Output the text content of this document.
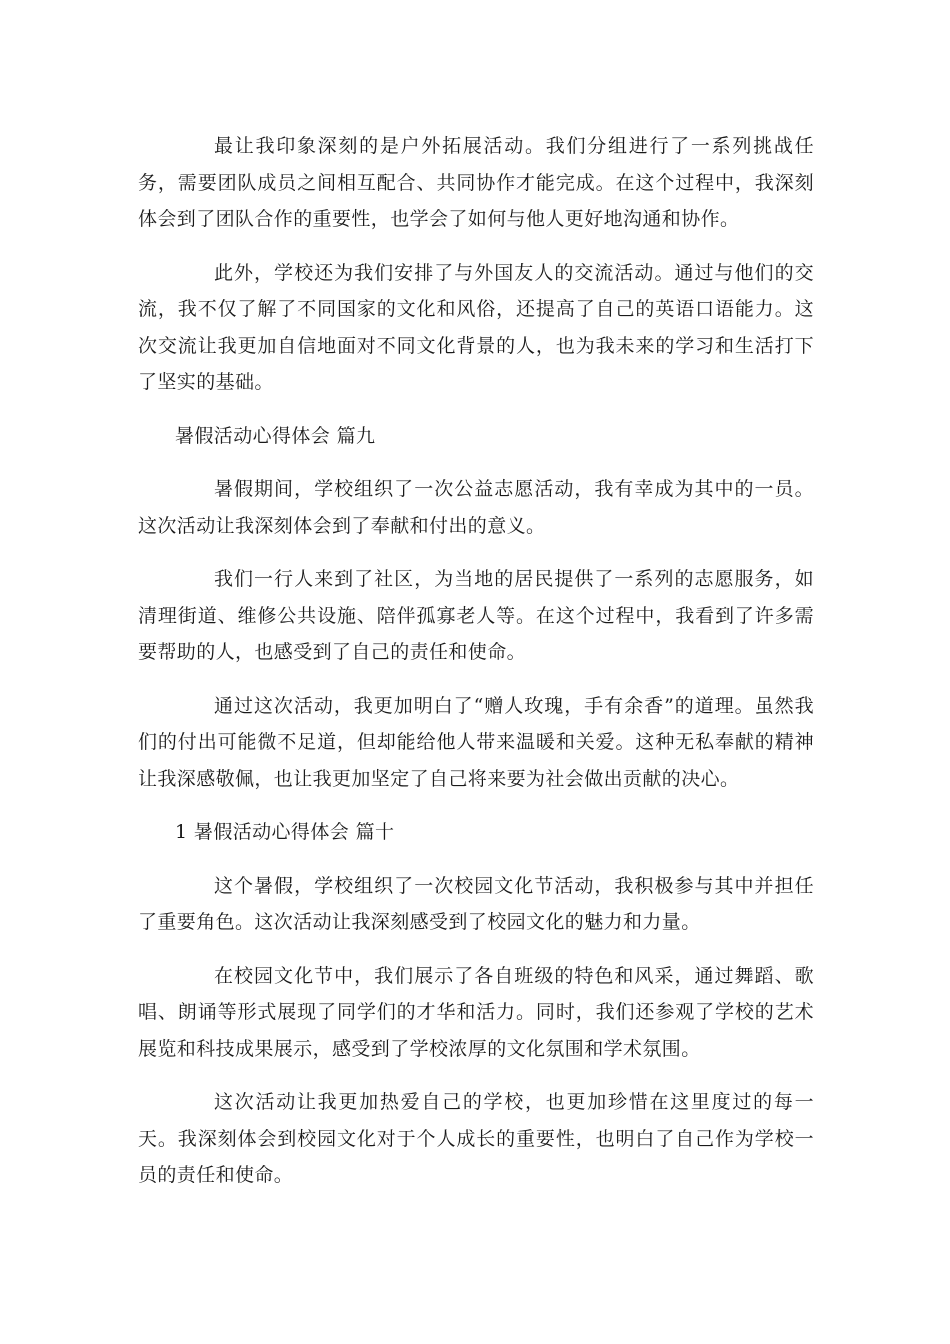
最让我印象深刻的是户外拓展活动。我们分组进行了一系列挑战任务，需要团队成员之间相互配合、共同协作才能完成。在这个过程中，我深刻体会到了团队合作的重要性，也学会了如何与他人更好地沟通和协作。

此外，学校还为我们安排了与外国友人的交流活动。通过与他们的交流，我不仅了解了不同国家的文化和风俗，还提高了自己的英语口语能力。这次交流让我更加自信地面对不同文化背景的人，也为我未来的学习和生活打下了坚实的基础。

暑假活动心得体会 篇九

暑假期间，学校组织了一次公益志愿活动，我有幸成为其中的一员。这次活动让我深刻体会到了奉献和付出的意义。

我们一行人来到了社区，为当地的居民提供了一系列的志愿服务，如清理街道、维修公共设施、陪伴孤寡老人等。在这个过程中，我看到了许多需要帮助的人，也感受到了自己的责任和使命。

通过这次活动，我更加明白了“赠人玫瑰，手有余香”的道理。虽然我们的付出可能微不足道，但却能给他人带来温暖和关爱。这种无私奉献的精神让我深感敬佩，也让我更加坚定了自己将来要为社会做出贡献的决心。

1 暑假活动心得体会 篇十

这个暑假，学校组织了一次校园文化节活动，我积极参与其中并担任了重要角色。这次活动让我深刻感受到了校园文化的魅力和力量。

在校园文化节中，我们展示了各自班级的特色和风采，通过舞蹈、歌唱、朗诵等形式展现了同学们的才华和活力。同时，我们还参观了学校的艺术展览和科技成果展示，感受到了学校浓厚的文化氛围和学术氛围。

这次活动让我更加热爱自己的学校，也更加珍惜在这里度过的每一天。我深刻体会到校园文化对于个人成长的重要性，也明白了自己作为学校一员的责任和使命。
